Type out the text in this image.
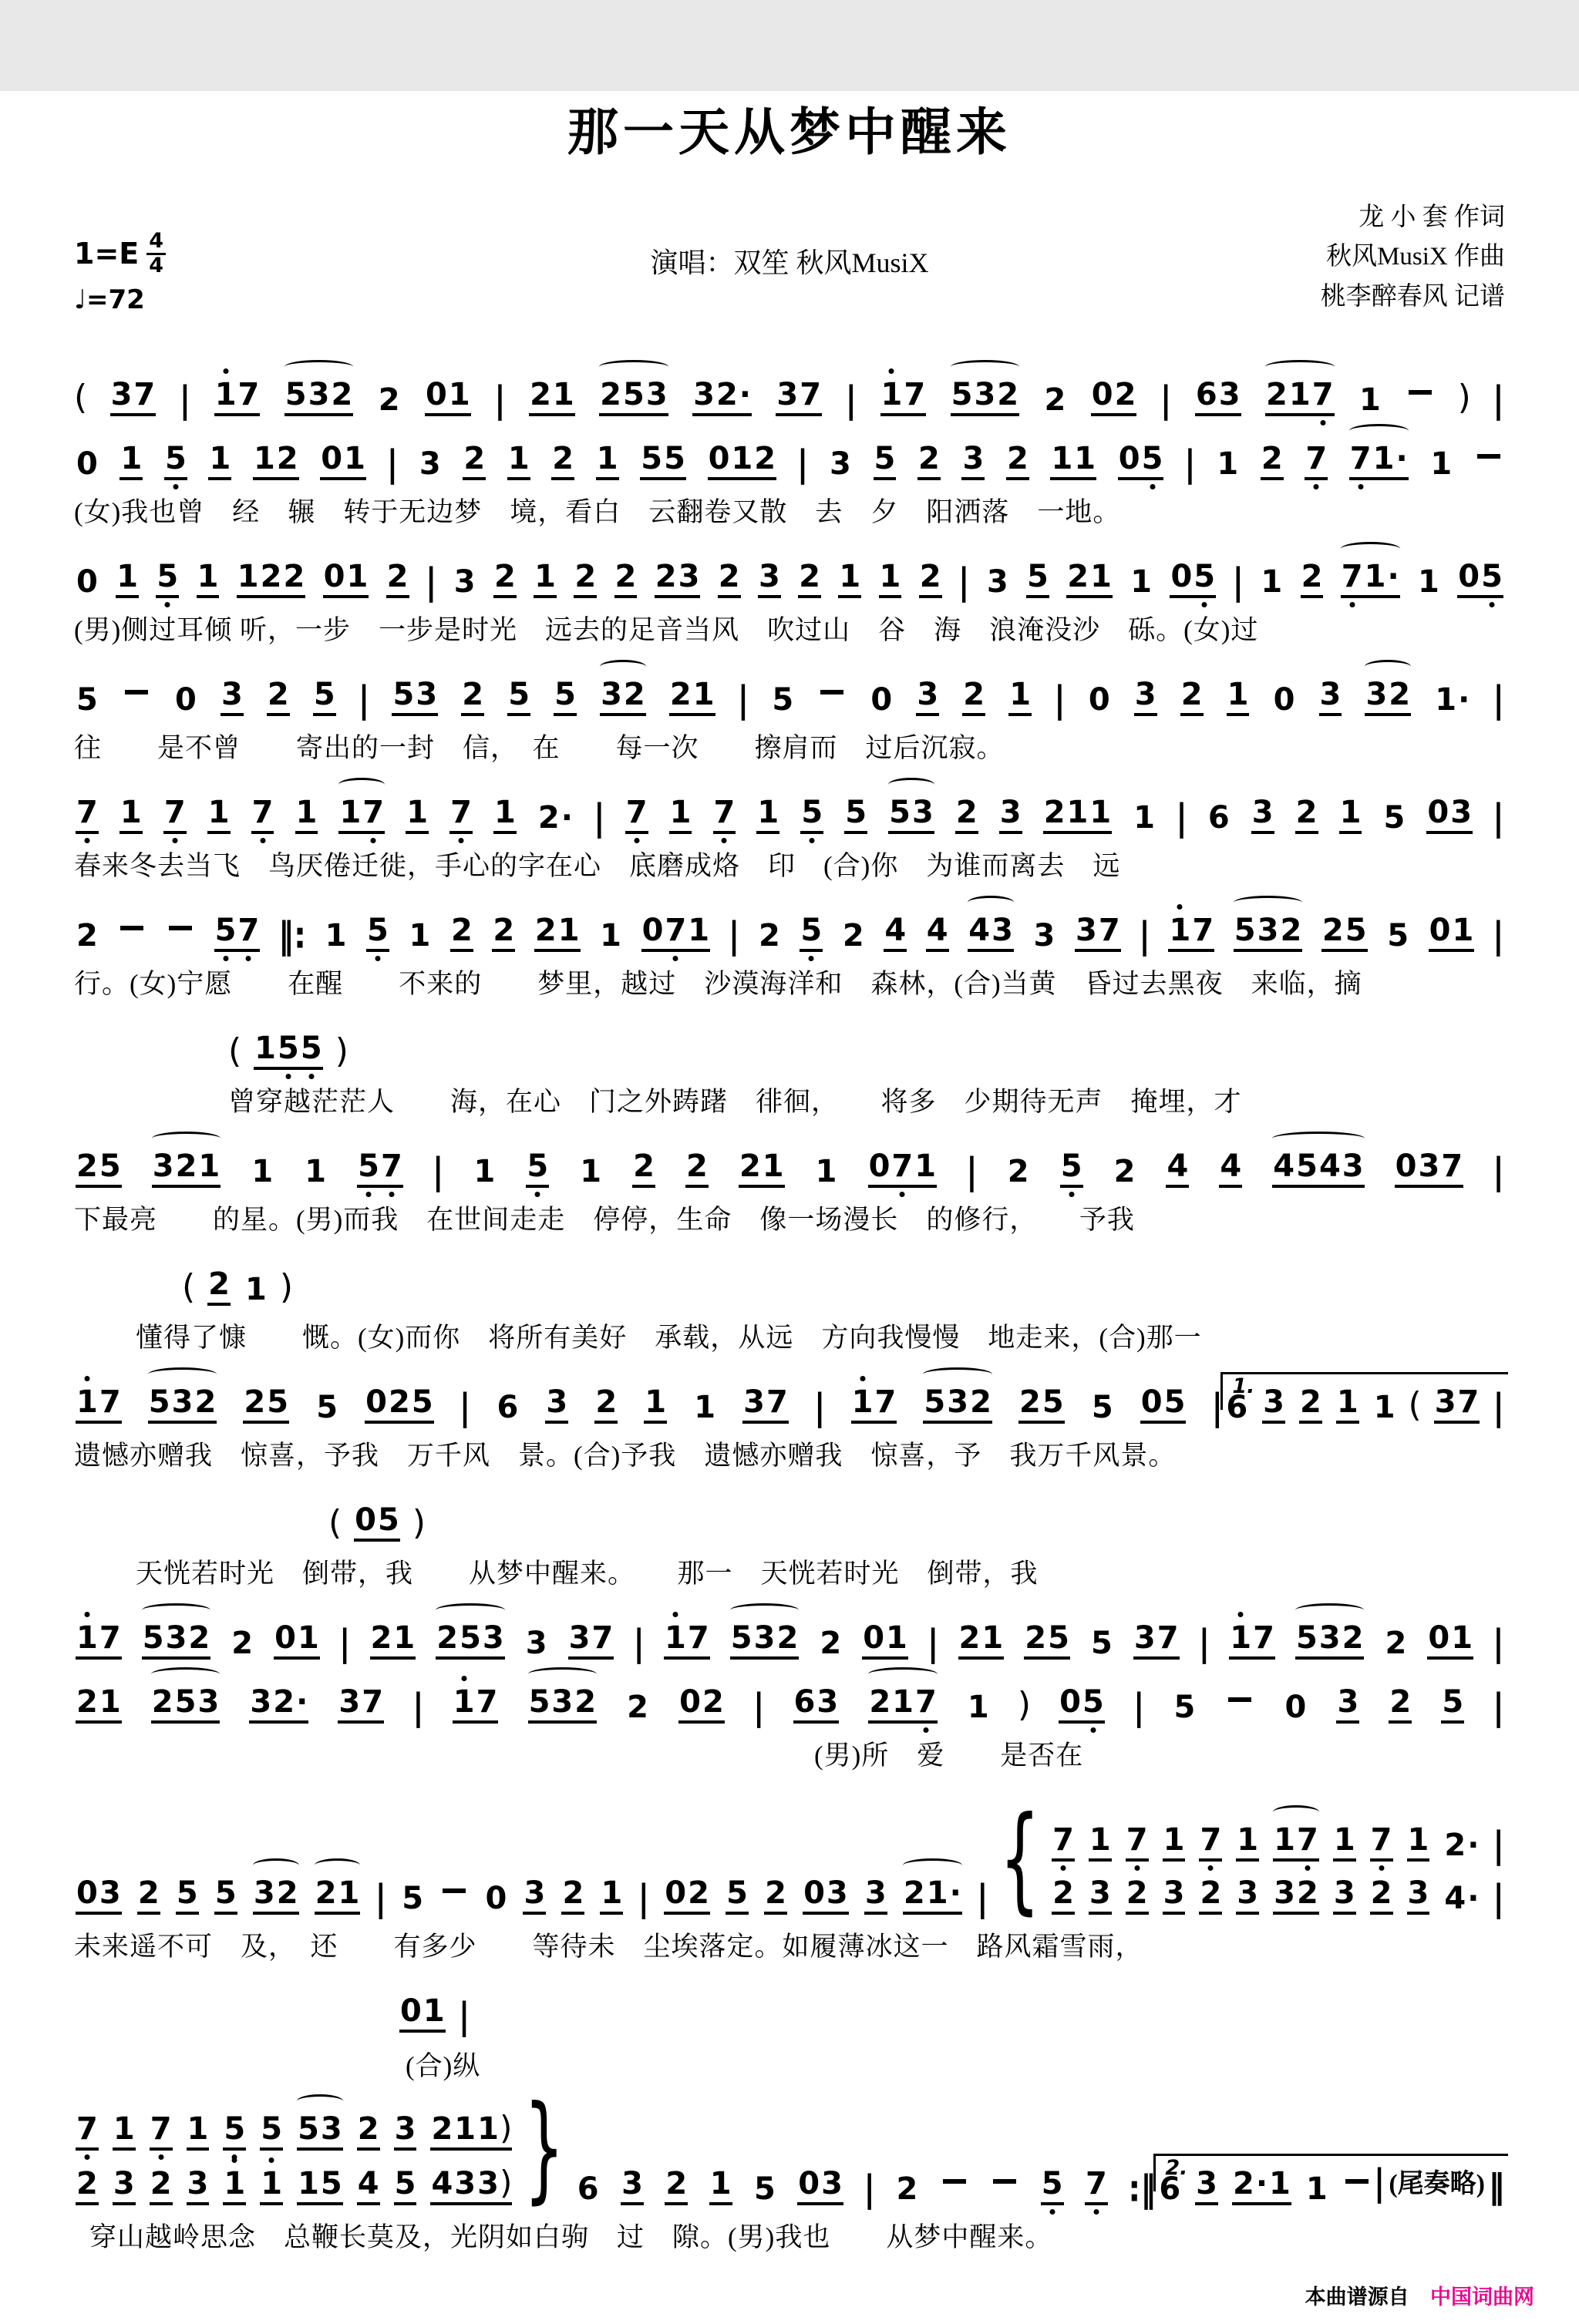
那一天从梦中醒来
$1=E \frac{4}{4}$
♩=72
演唱：双笙 秋风MusiX
龙 小 套 作词
秋风MusiX 作曲
桃李醉春风 记谱
( 3 7 | 1 7 5 3 2 2 0 1 | 2 1 2 5 3 3 2 · 3 7 | 1 7 5 3 2 2 0 2 | 6 3 2 1 7 1 ) |
0 1 5 1 1 2 0 1 | 3 2 1 2 1 5 5 0 1 2 | 3 5 2 3 2 1 1 0 5 | 1 2 7 7 1 · 1
(女)我也曾　经　辗　转于无边梦　境，看白　云翻卷又散　去　夕　阳洒落　一地。
0 1 5 1 1 2 2 0 1 2 | 3 2 1 2 2 2 3 2 3 2 1 1 2 | 3 5 2 1 1 0 5 | 1 2 7 1 · 1 0 5
(男)侧过耳倾 听，一步　一步是时光　远去的足音当风　吹过山　谷　海　浪淹没沙　砾。(女)过
5	0 3 2 5 | 5 3 2 5 5 3 2 2 1 | 5	0 3 2 1 | 0 3 2 1 0 3 3 2 1 · |
往　　是不曾　　寄出的一封　信，　在　　每一次　　擦肩而　过后沉寂。
7 1 7 1 7 1 1 7 1 7 1 2 · | 7 1 7 1 5 5 5 3 2 3 2 1 1 1 | 6 3 2 1 5 0 3 |
春来冬去当飞　鸟厌倦迁徙，手心的字在心　底磨成烙　印　(合)你　为谁而离去　远
2	5 7 ‖: 1 5 1 2 2 2 1 1 0 7 1 | 2 5 2 4 4 4 3 3 3 7 | 1 7 5 3 2 2 5 5 0 1 |
行。(女)宁愿　　在醒　　不来的　　梦里，越过　沙漠海洋和　森林，(合)当黄　昏过去黑夜　来临，摘
( 1 5 5 )
曾穿越茫茫人　　海，在心　门之外踌躇　徘徊，　　将多　少期待无声　掩埋，才
2 5 3 2 1 1 1 5 7 | 1 5 1 2 2 2 1 1 0 7 1 | 2 5 2 4 4 4 5 4 3 0 3 7 |
下最亮　　的星。(男)而我　在世间走走　停停，生命　像一场漫长　的修行，　　予我
( 2 1 )
懂得了慷　　慨。(女)而你　将所有美好　承载，从远　方向我慢慢　地走来，(合)那一
1 7 5 3 2 2 5 5 0 2 5 | 6 3 2 1 1 3 7 | 1 7 5 3 2 2 5 5 0 5 |
1.
6 3 2 1 1 ( 3 7 |
遗憾亦赠我　惊喜，予我　万千风　景。(合)予我　遗憾亦赠我　惊喜，予　我万千风景。
( 0 5 )
天恍若时光　倒带，我　　从梦中醒来。　　那一　天恍若时光　倒带，我
1 7 5 3 2 2 0 1 | 2 1 2 5 3 3 3 7 | 1 7 5 3 2 2 0 1 | 2 1 2 5 5 3 7 | 1 7 5 3 2 2 0 1 |
2 1 2 5 3 3 2 · 3 7 | 1 7 5 3 2 2 0 2 | 6 3 2 1 7 1 ) 0 5 | 5	0 3 2 5 |
(男)所　爱　　是否在
0 3 2 5 5 3 2 2 1 | 5 0 3 2 1 | 0 2 5 2 0 3 3 2 1 · | { 7 1 7 1 7 1 1 7 1 7 1 2 · |
2 3 2 3 2 3 3 2 3 2 3 4 · |
未来遥不可　及，　还　　有多少　　等待未　尘埃落定。如履薄冰这一　路风霜雪雨，
0 1 |
(合)纵
7 1 7 1 5 5 5 3 2 3 2 1 1 )
2 3 2 3 1 1 1 5 4 5 4 3 3 ) } 6 3 2 1 5 0 3 | 2	5 7 :‖
2.
6 3 2 · 1 1 | (尾奏略) ‖
穿山越岭思念　总鞭长莫及，光阴如白驹　过　隙。(男)我也　　从梦中醒来。
本曲谱源自 中国词曲网
